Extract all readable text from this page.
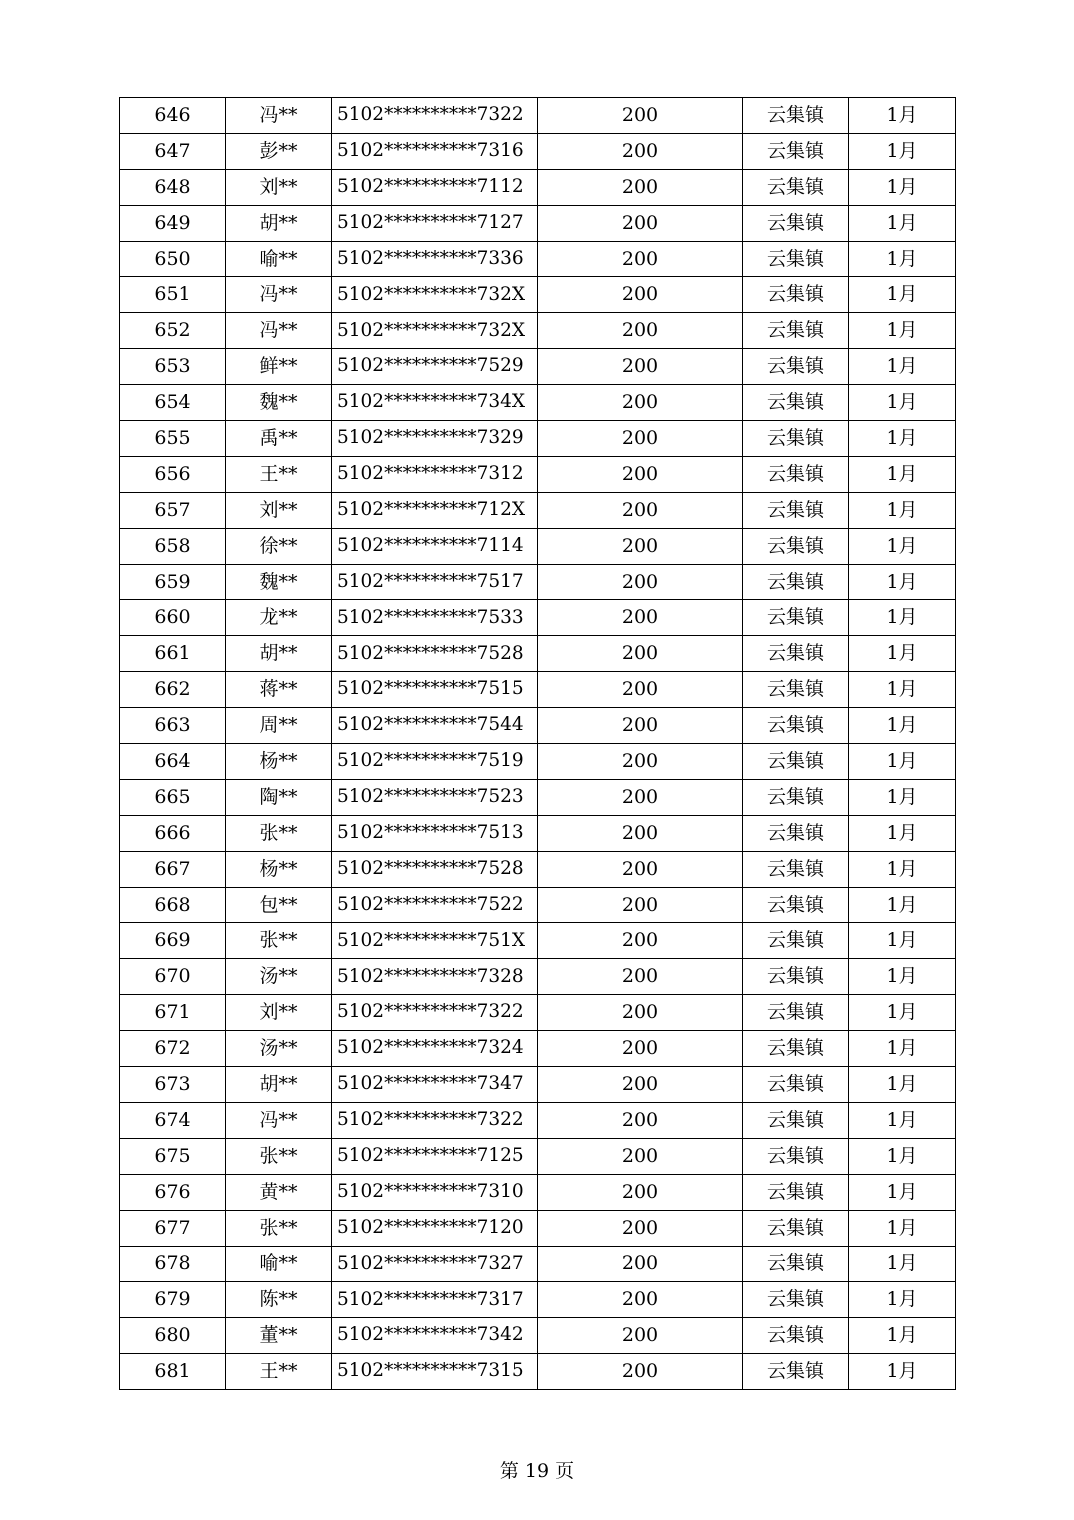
646	冯**	5102**********7322	200	云集镇	1月
647	彭**	5102**********7316	200	云集镇	1月
648	刘**	5102**********7112	200	云集镇	1月
649	胡**	5102**********7127	200	云集镇	1月
650	喻**	5102**********7336	200	云集镇	1月
651	冯**	5102**********732X	200	云集镇	1月
652	冯**	5102**********732X	200	云集镇	1月
653	鲜**	5102**********7529	200	云集镇	1月
654	魏**	5102**********734X	200	云集镇	1月
655	禹**	5102**********7329	200	云集镇	1月
656	王**	5102**********7312	200	云集镇	1月
657	刘**	5102**********712X	200	云集镇	1月
658	徐**	5102**********7114	200	云集镇	1月
659	魏**	5102**********7517	200	云集镇	1月
660	龙**	5102**********7533	200	云集镇	1月
661	胡**	5102**********7528	200	云集镇	1月
662	蒋**	5102**********7515	200	云集镇	1月
663	周**	5102**********7544	200	云集镇	1月
664	杨**	5102**********7519	200	云集镇	1月
665	陶**	5102**********7523	200	云集镇	1月
666	张**	5102**********7513	200	云集镇	1月
667	杨**	5102**********7528	200	云集镇	1月
668	包**	5102**********7522	200	云集镇	1月
669	张**	5102**********751X	200	云集镇	1月
670	汤**	5102**********7328	200	云集镇	1月
671	刘**	5102**********7322	200	云集镇	1月
672	汤**	5102**********7324	200	云集镇	1月
673	胡**	5102**********7347	200	云集镇	1月
674	冯**	5102**********7322	200	云集镇	1月
675	张**	5102**********7125	200	云集镇	1月
676	黄**	5102**********7310	200	云集镇	1月
677	张**	5102**********7120	200	云集镇	1月
678	喻**	5102**********7327	200	云集镇	1月
679	陈**	5102**********7317	200	云集镇	1月
680	董**	5102**********7342	200	云集镇	1月
681	王**	5102**********7315	200	云集镇	1月
第 19 页
